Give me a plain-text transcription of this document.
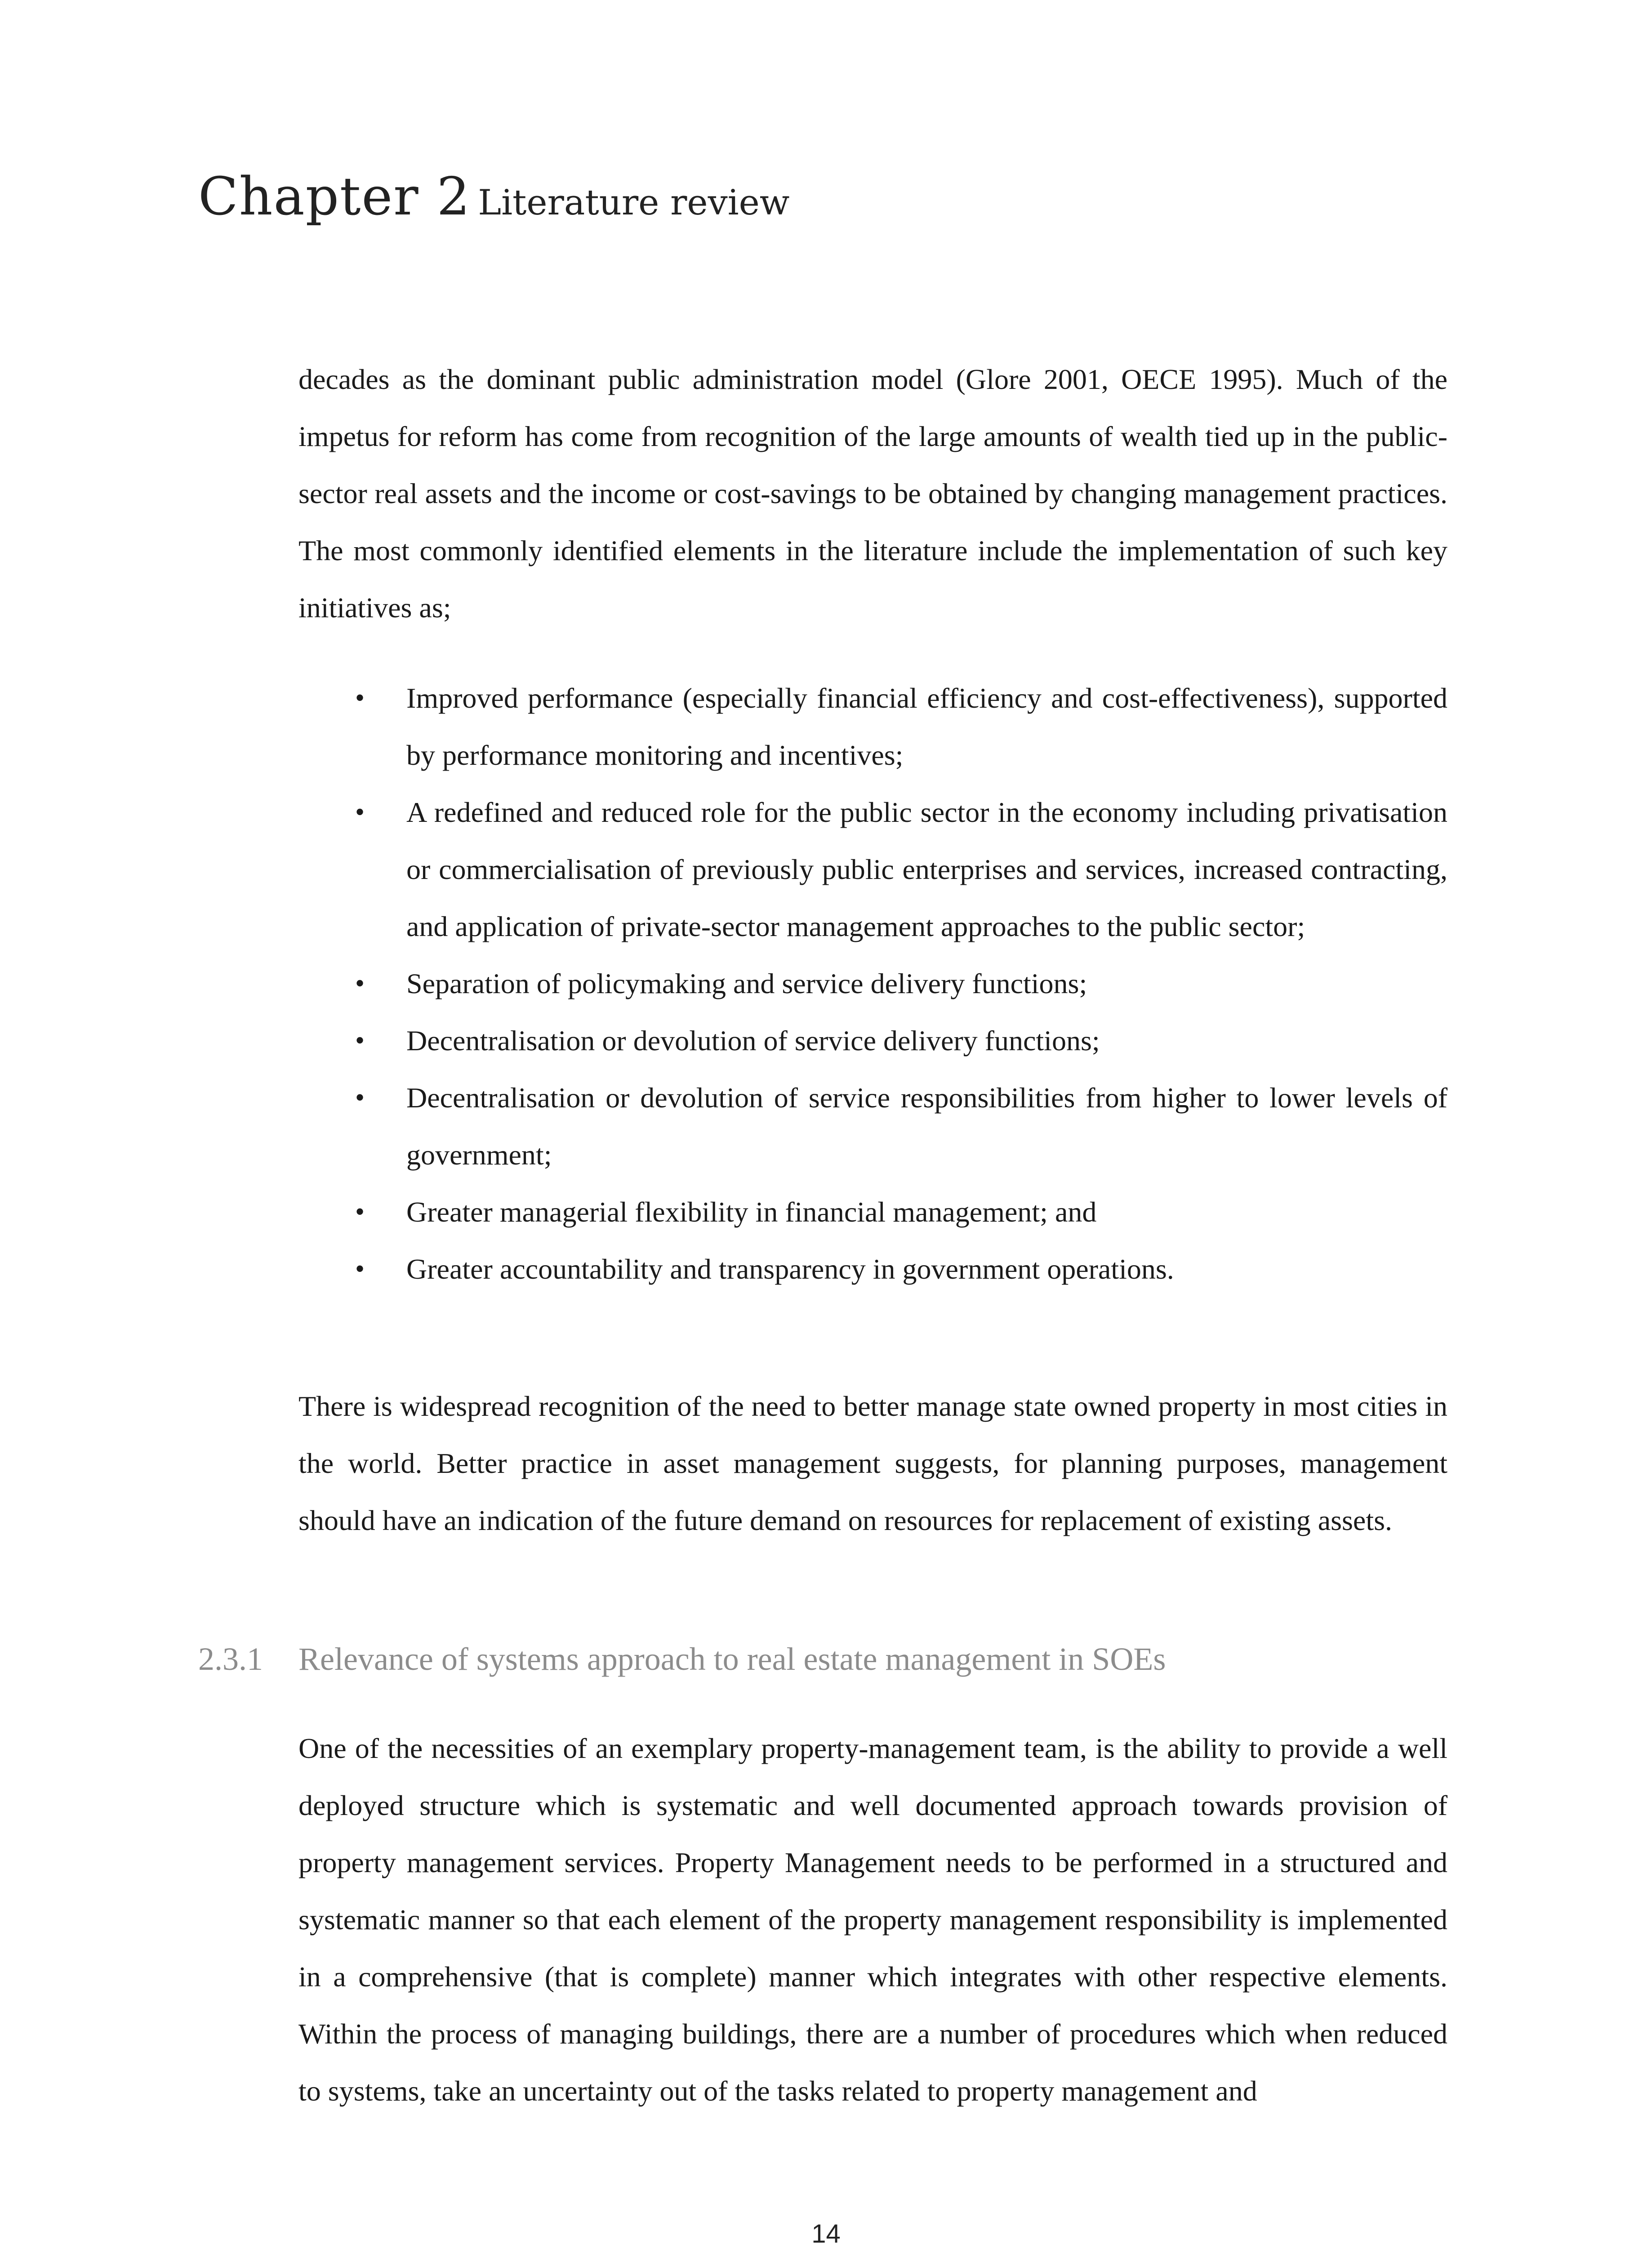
Chapter 2 Literature review

decades as the dominant public administration model (Glore 2001, OECE 1995). Much of the impetus for reform has come from recognition of the large amounts of wealth tied up in the public-sector real assets and the income or cost-savings to be obtained by changing management practices. The most commonly identified elements in the literature include the implementation of such key initiatives as;

• Improved performance (especially financial efficiency and cost-effectiveness), supported by performance monitoring and incentives;
• A redefined and reduced role for the public sector in the economy including privatisation or commercialisation of previously public enterprises and services, increased contracting, and application of private-sector management approaches to the public sector;
• Separation of policymaking and service delivery functions;
• Decentralisation or devolution of service delivery functions;
• Decentralisation or devolution of service responsibilities from higher to lower levels of government;
• Greater managerial flexibility in financial management; and
• Greater accountability and transparency in government operations.

There is widespread recognition of the need to better manage state owned property in most cities in the world. Better practice in asset management suggests, for planning purposes, management should have an indication of the future demand on resources for replacement of existing assets.

2.3.1 Relevance of systems approach to real estate management in SOEs

One of the necessities of an exemplary property-management team, is the ability to provide a well deployed structure which is systematic and well documented approach towards provision of property management services. Property Management needs to be performed in a structured and systematic manner so that each element of the property management responsibility is implemented in a comprehensive (that is complete) manner which integrates with other respective elements. Within the process of managing buildings, there are a number of procedures which when reduced to systems, take an uncertainty out of the tasks related to property management and

14
